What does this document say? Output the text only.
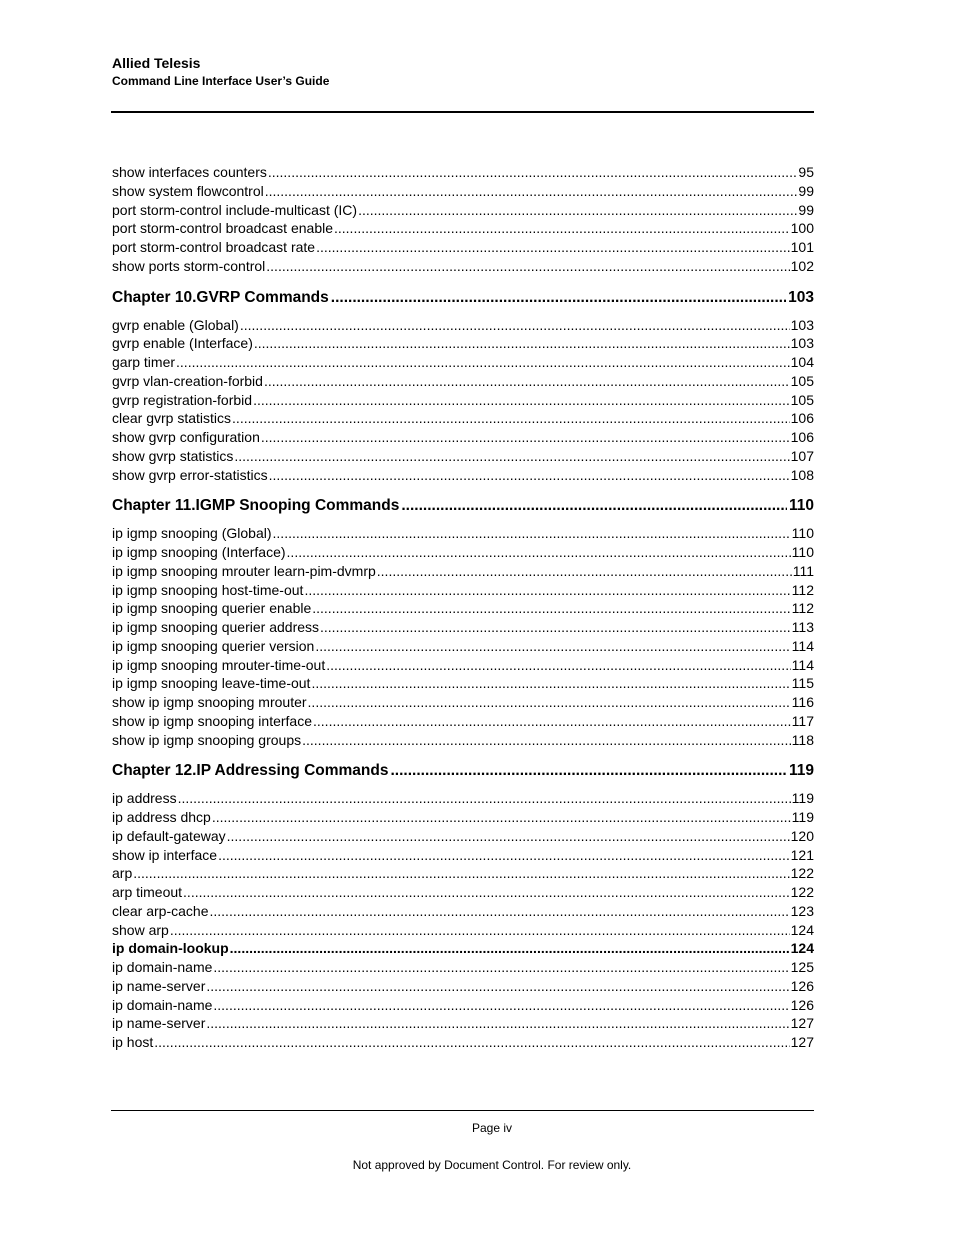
Allied Telesis
Command Line Interface User’s Guide
show interfaces counters .....	95
show system flowcontrol .....	99
port storm-control include-multicast (IC) .....	99
port storm-control broadcast enable .....	100
port storm-control broadcast rate .....	101
show ports storm-control .....	102
Chapter 10.GVRP Commands .....	103
gvrp enable (Global) .....	103
gvrp enable (Interface) .....	103
garp timer .....	104
gvrp vlan-creation-forbid .....	105
gvrp registration-forbid .....	105
clear gvrp statistics .....	106
show gvrp configuration .....	106
show gvrp statistics .....	107
show gvrp error-statistics .....	108
Chapter 11.IGMP Snooping Commands .....	110
ip igmp snooping (Global) .....	110
ip igmp snooping (Interface) .....	110
ip igmp snooping mrouter learn-pim-dvmrp .....	111
ip igmp snooping host-time-out .....	112
ip igmp snooping querier enable .....	112
ip igmp snooping querier address .....	113
ip igmp snooping querier version .....	114
ip igmp snooping mrouter-time-out .....	114
ip igmp snooping leave-time-out .....	115
show ip igmp snooping mrouter .....	116
show ip igmp snooping interface .....	117
show ip igmp snooping groups .....	118
Chapter 12.IP Addressing Commands .....	119
ip address .....	119
ip address dhcp .....	119
ip default-gateway .....	120
show ip interface .....	121
arp .....	122
arp timeout .....	122
clear arp-cache .....	123
show arp .....	124
ip domain-lookup .....	124
ip domain-name .....	125
ip name-server .....	126
ip domain-name .....	126
ip name-server .....	127
ip host .....	127
Page iv
Not approved by Document Control. For review only.
